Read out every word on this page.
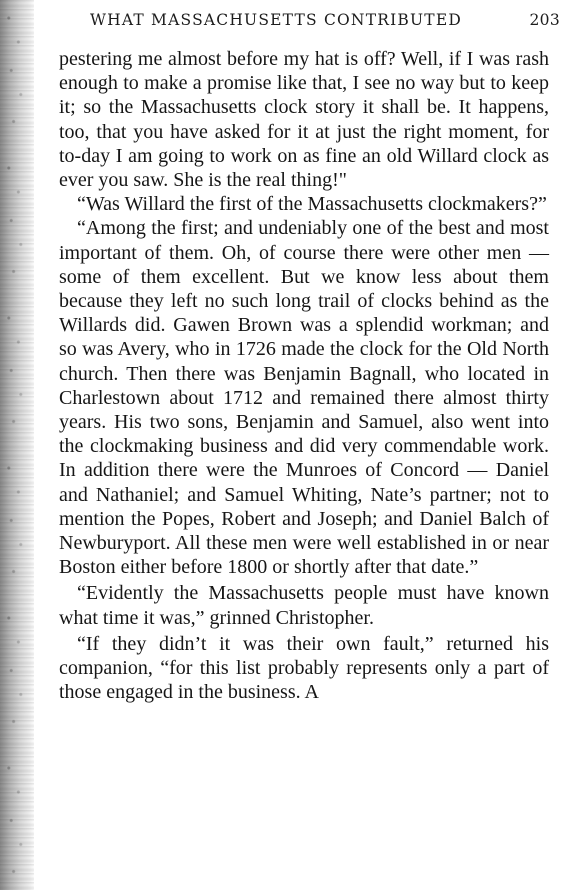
WHAT MASSACHUSETTS CONTRIBUTED	203

pestering me almost before my hat is off? Well, if I was rash enough to make a promise like that, I see no way but to keep it; so the Massachusetts clock story it shall be. It happens, too, that you have asked for it at just the right moment, for to-day I am going to work on as fine an old Willard clock as ever you saw. She is the real thing!"

“Was Willard the first of the Massachusetts clockmakers?”

“Among the first; and undeniably one of the best and most important of them. Oh, of course there were other men — some of them excellent. But we know less about them because they left no such long trail of clocks behind as the Willards did. Gawen Brown was a splendid workman; and so was Avery, who in 1726 made the clock for the Old North church. Then there was Benjamin Bagnall, who located in Charlestown about 1712 and remained there almost thirty years. His two sons, Benjamin and Samuel, also went into the clockmaking business and did very commendable work. In addition there were the Munroes of Concord — Daniel and Nathaniel; and Samuel Whiting, Nate’s partner; not to mention the Popes, Robert and Joseph; and Daniel Balch of Newburyport. All these men were well established in or near Boston either before 1800 or shortly after that date.”

“Evidently the Massachusetts people must have known what time it was,” grinned Christopher.

“If they didn’t it was their own fault,” returned his companion, “for this list probably represents only a part of those engaged in the business. A
